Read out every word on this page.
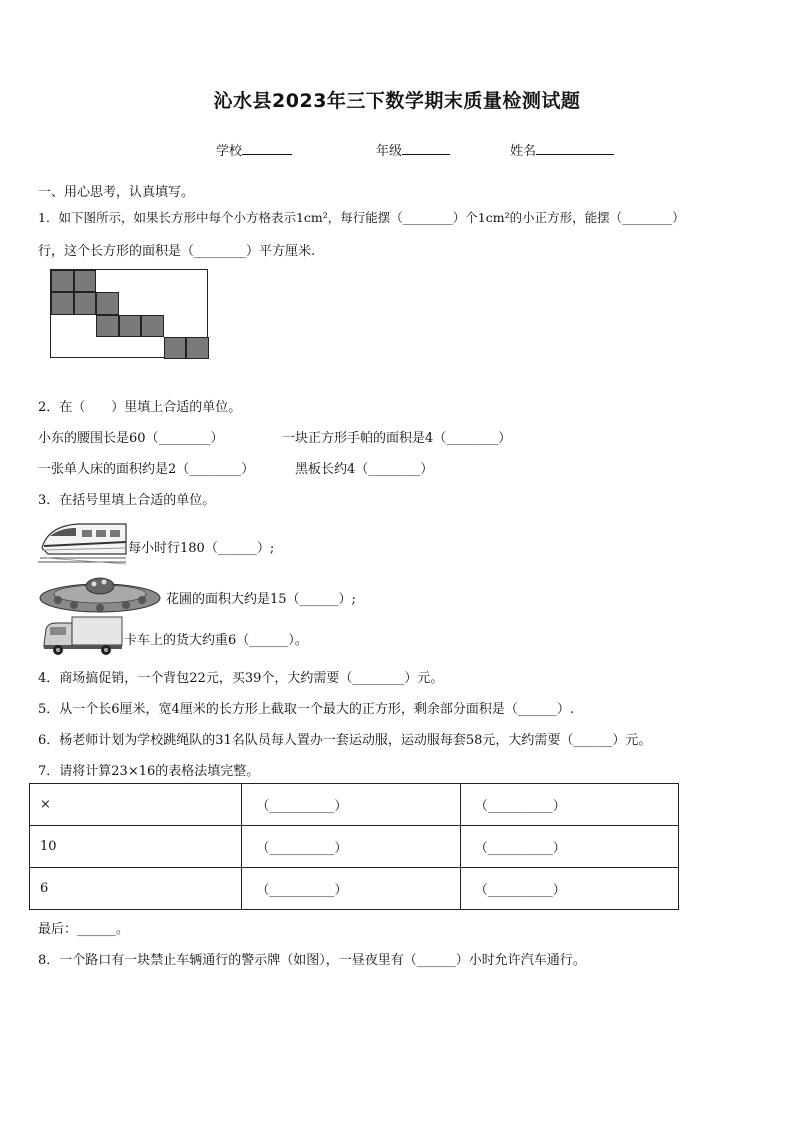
沁水县2023年三下数学期末质量检测试题
学校	年级	姓名
一、用心思考，认真填写。
1．如下图所示，如果长方形中每个小方格表示1cm²，每行能摆（________）个1cm²的小正方形，能摆（________）
行，这个长方形的面积是（________）平方厘米.
2．在（　　）里填上合适的单位。
小东的腰围长是60（________）	一块正方形手帕的面积是4（________）
一张单人床的面积约是2（________）	黑板长约4（________）
3．在括号里填上合适的单位。
每小时行180（______）;
花圃的面积大约是15（______）;
卡车上的货大约重6（______）。
4．商场搞促销，一个背包22元，买39个，大约需要（________）元。
5．从一个长6厘米，宽4厘米的长方形上截取一个最大的正方形，剩余部分面积是（______）.
6．杨老师计划为学校跳绳队的31名队员每人置办一套运动服，运动服每套58元，大约需要（______）元。
7．请将计算23×16的表格法填完整。
×	（__________）	（__________）
10	（__________）	（__________）
6	（__________）	（__________）
最后：______。
8．一个路口有一块禁止车辆通行的警示牌（如图），一昼夜里有（______）小时允许汽车通行。
